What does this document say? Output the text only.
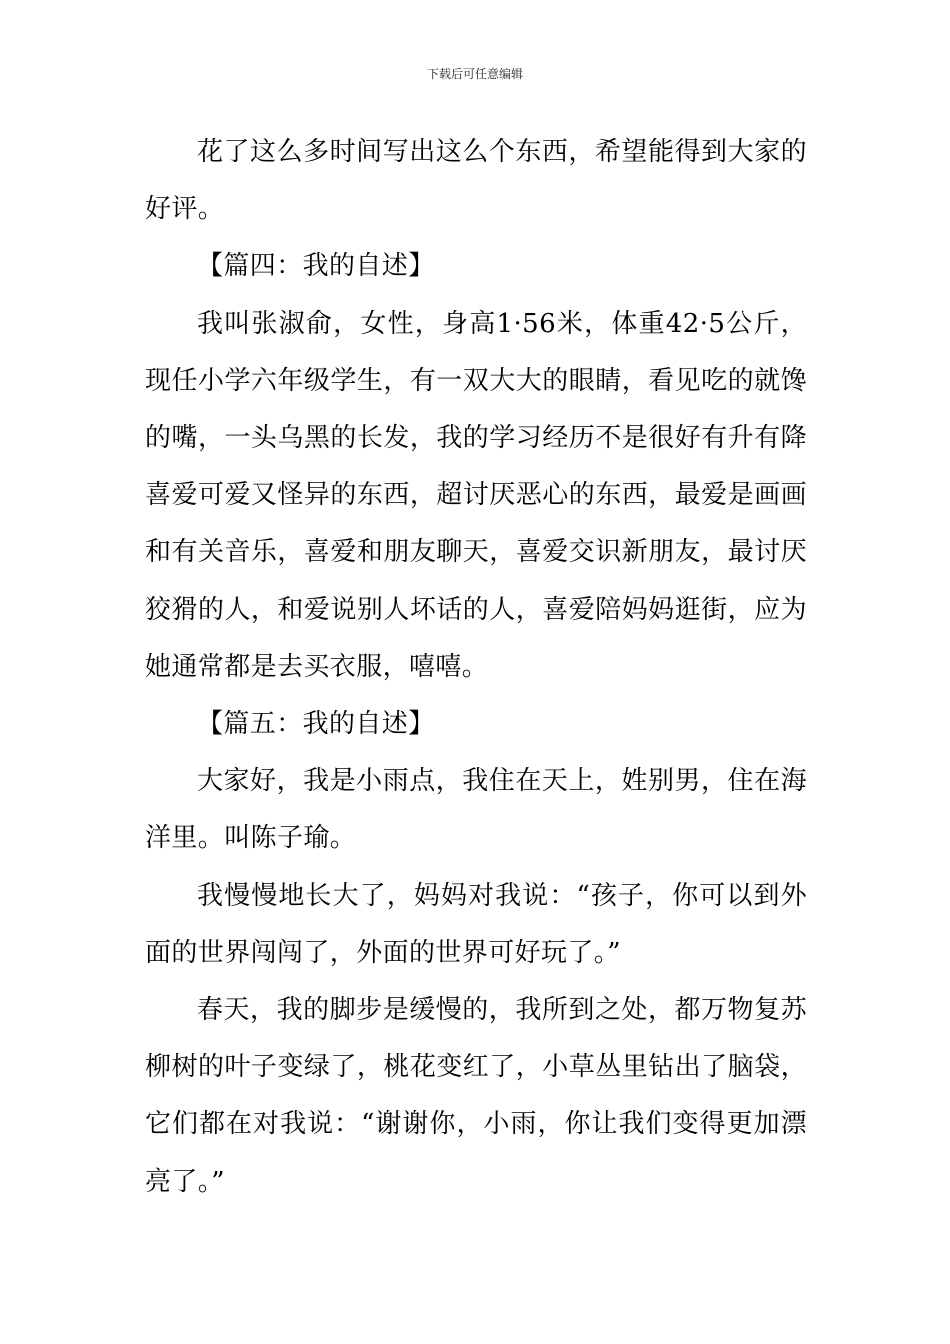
下载后可任意编辑

花了这么多时间写出这么个东西，希望能得到大家的好评。

【篇四：我的自述】

我叫张淑俞，女性，身高1·56米，体重42·5公斤，现任小学六年级学生，有一双大大的眼睛，看见吃的就馋的嘴，一头乌黑的长发，我的学习经历不是很好有升有降喜爱可爱又怪异的东西，超讨厌恶心的东西，最爱是画画和有关音乐，喜爱和朋友聊天，喜爱交识新朋友，最讨厌狡猾的人，和爱说别人坏话的人，喜爱陪妈妈逛街，应为她通常都是去买衣服，嘻嘻。

【篇五：我的自述】

大家好，我是小雨点，我住在天上，姓别男，住在海洋里。叫陈子瑜。

我慢慢地长大了，妈妈对我说：“孩子，你可以到外面的世界闯闯了，外面的世界可好玩了。”

春天，我的脚步是缓慢的，我所到之处，都万物复苏柳树的叶子变绿了，桃花变红了，小草丛里钻出了脑袋，它们都在对我说：“谢谢你，小雨，你让我们变得更加漂亮了。”
